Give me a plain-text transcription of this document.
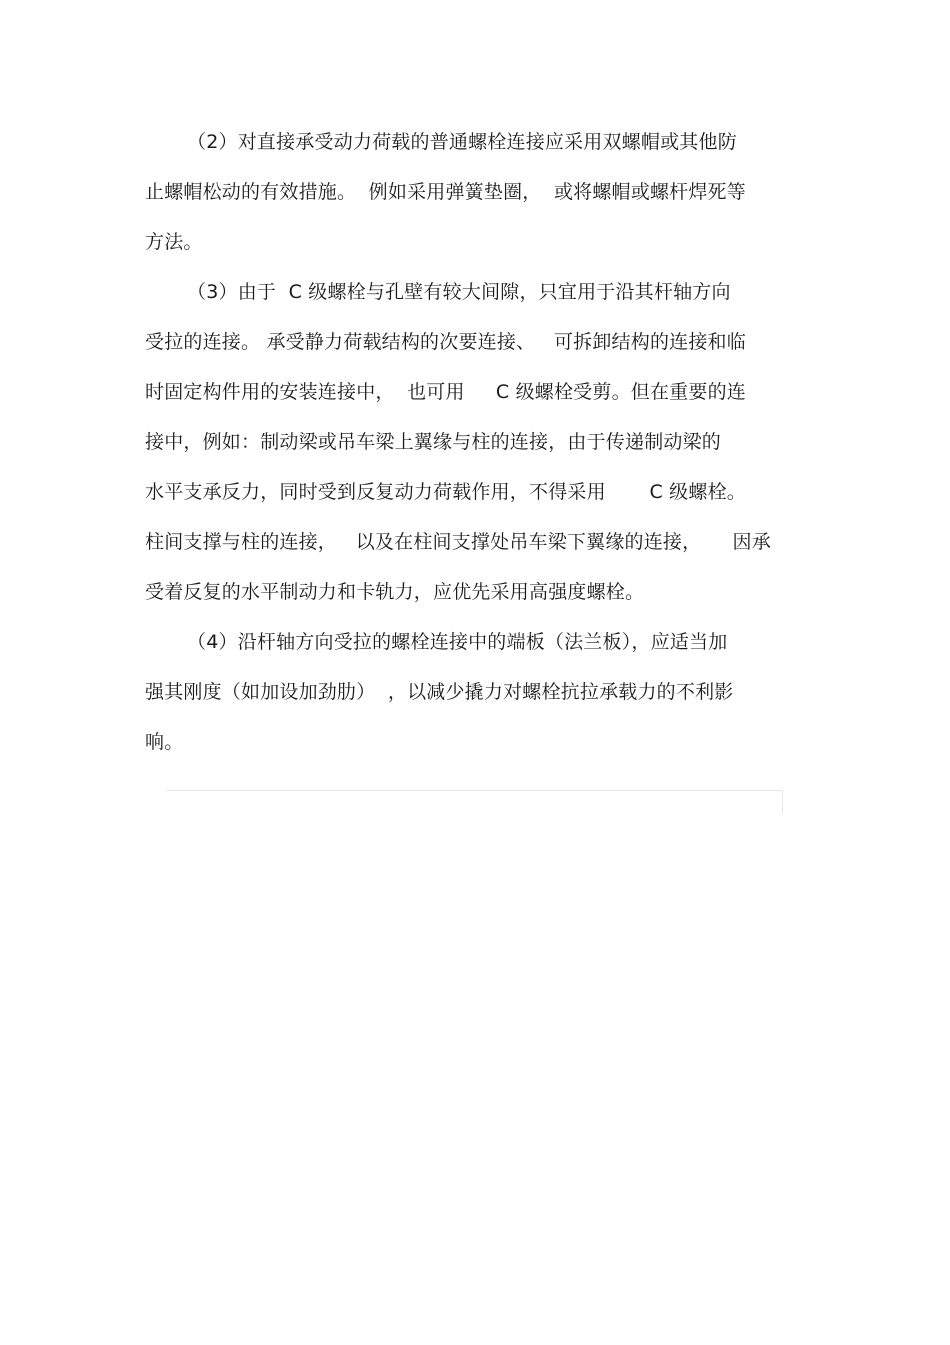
（2）对直接承受动力荷载的普通螺栓连接应采用双螺帽或其他防
止螺帽松动的有效措施。  例如采用弹簧垫圈，  或将螺帽或螺杆焊死等
方法。
（3）由于  C 级螺栓与孔壁有较大间隙，只宜用于沿其杆轴方向
受拉的连接。 承受静力荷载结构的次要连接、   可拆卸结构的连接和临
时固定构件用的安装连接中，  也可用     C 级螺栓受剪。但在重要的连
接中，例如：制动梁或吊车梁上翼缘与柱的连接，由于传递制动梁的
水平支承反力，同时受到反复动力荷载作用，不得采用       C 级螺栓。
柱间支撑与柱的连接，   以及在柱间支撑处吊车梁下翼缘的连接，     因承
受着反复的水平制动力和卡轨力，应优先采用高强度螺栓。
（4）沿杆轴方向受拉的螺栓连接中的端板（法兰板），应适当加
强其刚度（如加设加劲肋）  ，以减少撬力对螺栓抗拉承载力的不利影
响。
